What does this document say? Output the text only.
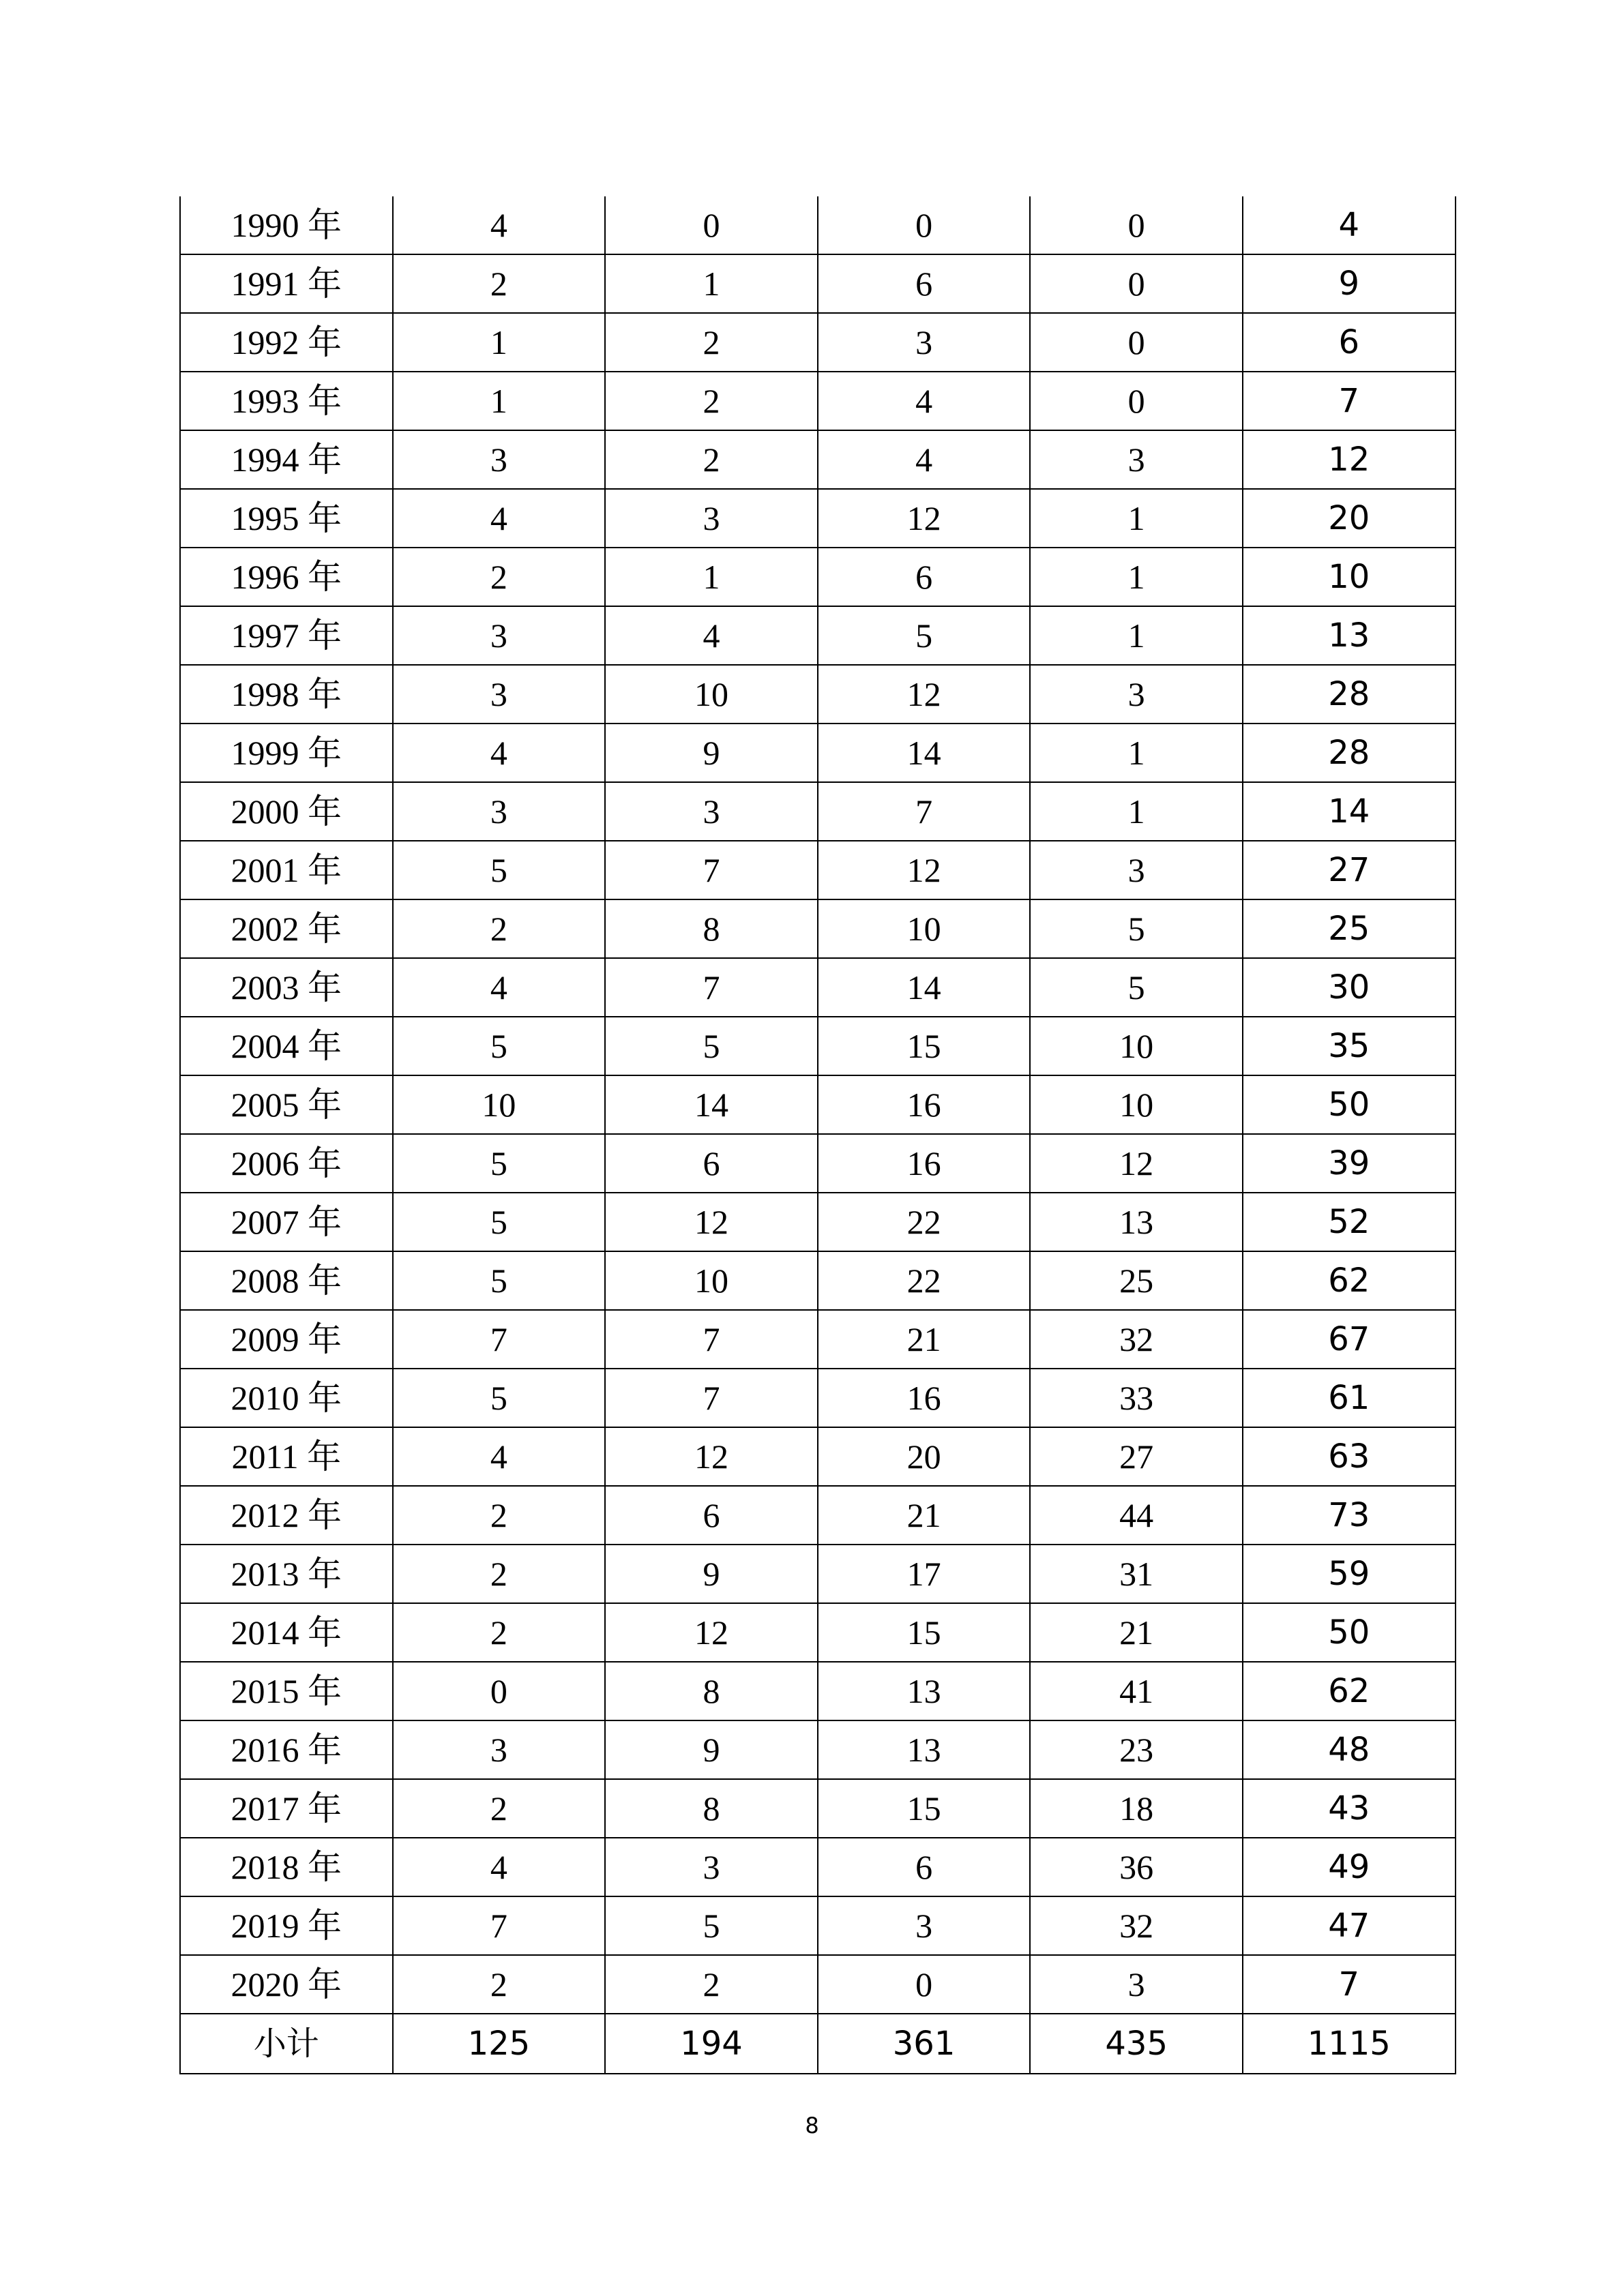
1990 年	4	0	0	0	4
1991 年	2	1	6	0	9
1992 年	1	2	3	0	6
1993 年	1	2	4	0	7
1994 年	3	2	4	3	12
1995 年	4	3	12	1	20
1996 年	2	1	6	1	10
1997 年	3	4	5	1	13
1998 年	3	10	12	3	28
1999 年	4	9	14	1	28
2000 年	3	3	7	1	14
2001 年	5	7	12	3	27
2002 年	2	8	10	5	25
2003 年	4	7	14	5	30
2004 年	5	5	15	10	35
2005 年	10	14	16	10	50
2006 年	5	6	16	12	39
2007 年	5	12	22	13	52
2008 年	5	10	22	25	62
2009 年	7	7	21	32	67
2010 年	5	7	16	33	61
2011 年	4	12	20	27	63
2012 年	2	6	21	44	73
2013 年	2	9	17	31	59
2014 年	2	12	15	21	50
2015 年	0	8	13	41	62
2016 年	3	9	13	23	48
2017 年	2	8	15	18	43
2018 年	4	3	6	36	49
2019 年	7	5	3	32	47
2020 年	2	2	0	3	7
小计	125	194	361	435	1115
8
